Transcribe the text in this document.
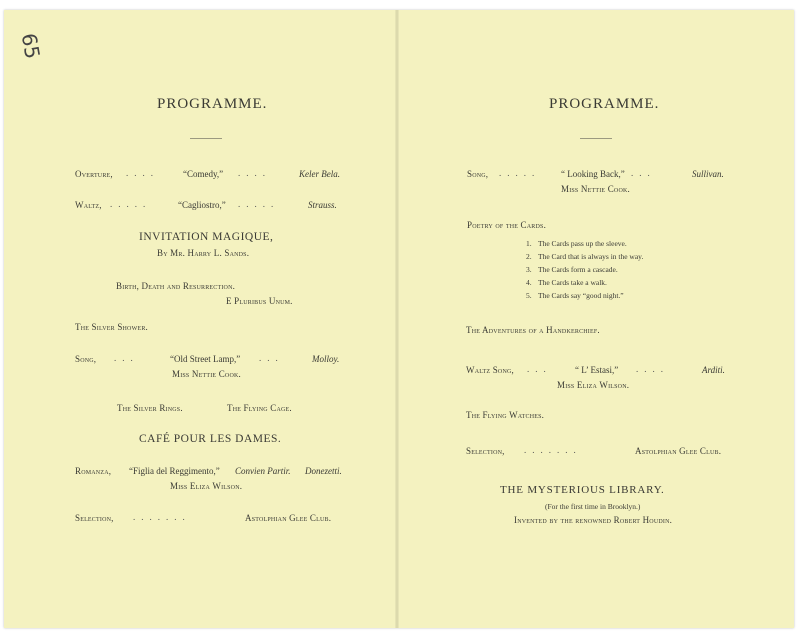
65
PROGRAMME.
Overture, ....	“Comedy,” ....	Keler Bela.
Waltz, .....	“Cagliostro,” .....	Strauss.
INVITATION MAGIQUE,
By Mr. Harry L. Sands.
Birth, Death and Resurrection.
E Pluribus Unum.
The Silver Shower.
Song, ...	“Old Street Lamp,” ...	Molloy.
Miss Nettie Cook.
The Silver Rings.	The Flying Cage.
CAFÉ POUR LES DAMES.
Romanza, “Figlia del Reggimento,” Convien Partir. Donezetti.
Miss Eliza Wilson.
Selection, .......	Astolphian Glee Club.
PROGRAMME.
Song, ..... “ Looking Back,” ...	Sullivan.
Miss Nettie Cook.
Poetry of the Cards.
1. The Cards pass up the sleeve.
2. The Card that is always in the way.
3. The Cards form a cascade.
4. The Cards take a walk.
5. The Cards say “good night.”
The Adventures of a Handkerchief.
Waltz Song, ...	“ L’ Estasi,” ....	Arditi.
Miss Eliza Wilson.
The Flying Watches.
Selection, .......	Astolphian Glee Club.
THE MYSTERIOUS LIBRARY.
(For the first time in Brooklyn.)
Invented by the renowned Robert Houdin.
